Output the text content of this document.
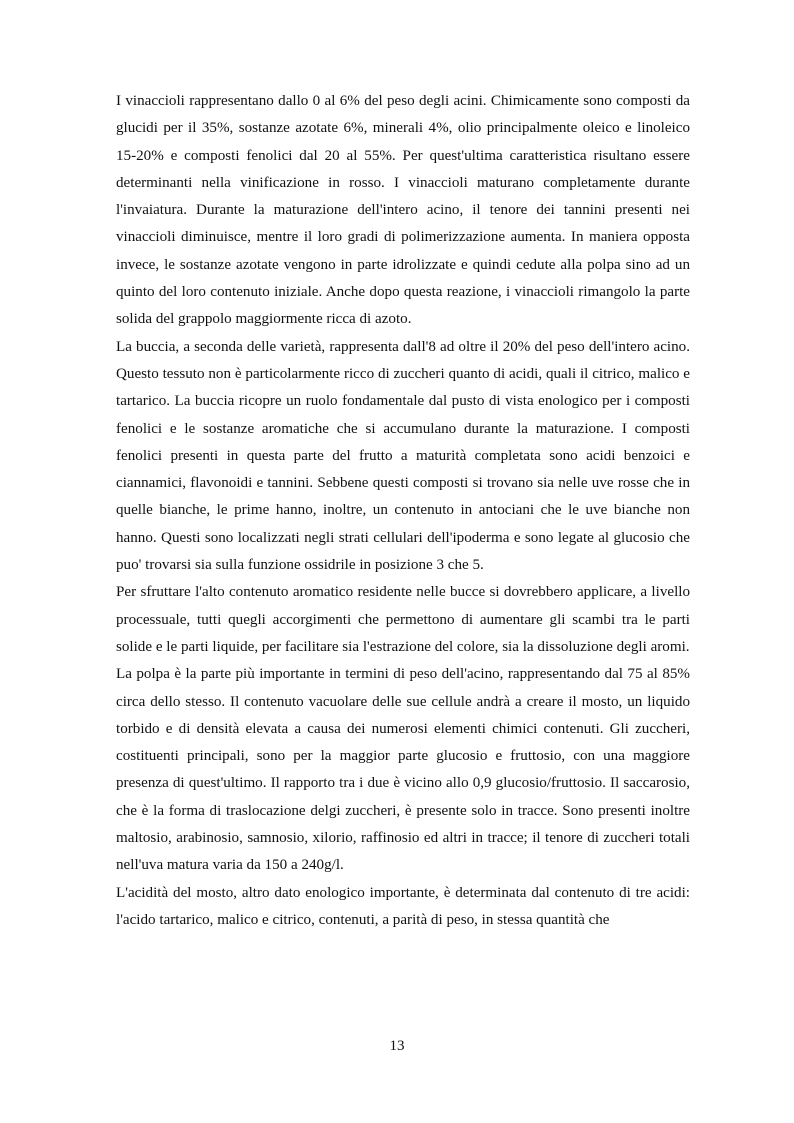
I vinaccioli rappresentano dallo 0 al 6% del peso degli acini. Chimicamente sono composti da glucidi per il 35%, sostanze azotate 6%, minerali 4%, olio principalmente oleico e linoleico 15-20% e composti fenolici dal 20 al 55%. Per quest'ultima caratteristica risultano essere determinanti nella vinificazione in rosso. I vinaccioli maturano completamente durante l'invaiatura. Durante la maturazione dell'intero acino, il tenore dei tannini presenti nei vinaccioli diminuisce, mentre il loro gradi di polimerizzazione aumenta. In maniera opposta invece, le sostanze azotate vengono in parte idrolizzate e quindi cedute alla polpa sino ad un quinto del loro contenuto iniziale. Anche dopo questa reazione, i vinaccioli rimangolo la parte solida del grappolo maggiormente ricca di azoto.

La buccia, a seconda delle varietà, rappresenta dall'8 ad oltre il 20% del peso dell'intero acino. Questo tessuto non è particolarmente ricco di zuccheri quanto di acidi, quali il citrico, malico e tartarico. La buccia ricopre un ruolo fondamentale dal pusto di vista enologico per i composti fenolici e le sostanze aromatiche che si accumulano durante la maturazione. I composti fenolici presenti in questa parte del frutto a maturità completata sono acidi benzoici e ciannamici, flavonoidi e tannini. Sebbene questi composti si trovano sia nelle uve rosse che in quelle bianche, le prime hanno, inoltre, un contenuto in antociani che le uve bianche non hanno. Questi sono localizzati negli strati cellulari dell'ipoderma e sono legate al glucosio che puo' trovarsi sia sulla funzione ossidrile in posizione 3 che 5.

Per sfruttare l'alto contenuto aromatico residente nelle bucce si dovrebbero applicare, a livello processuale, tutti quegli accorgimenti che permettono di aumentare gli scambi tra le parti solide e le parti liquide, per facilitare sia l'estrazione del colore, sia la dissoluzione degli aromi.

La polpa è la parte più importante in termini di peso dell'acino, rappresentando dal 75 al 85% circa dello stesso. Il contenuto vacuolare delle sue cellule andrà a creare il mosto, un liquido torbido e di densità elevata a causa dei numerosi elementi chimici contenuti. Gli zuccheri, costituenti principali, sono per la maggior parte glucosio e fruttosio, con una maggiore presenza di quest'ultimo. Il rapporto tra i due è vicino allo 0,9 glucosio/fruttosio. Il saccarosio, che è la forma di traslocazione delgi zuccheri, è presente solo in tracce. Sono presenti inoltre maltosio, arabinosio, samnosio, xilorio, raffinosio ed altri in tracce; il tenore di zuccheri totali nell'uva matura varia da 150 a 240g/l.

L'acidità del mosto, altro dato enologico importante, è determinata dal contenuto di tre acidi: l'acido tartarico, malico e citrico, contenuti, a parità di peso, in stessa quantità che

13
